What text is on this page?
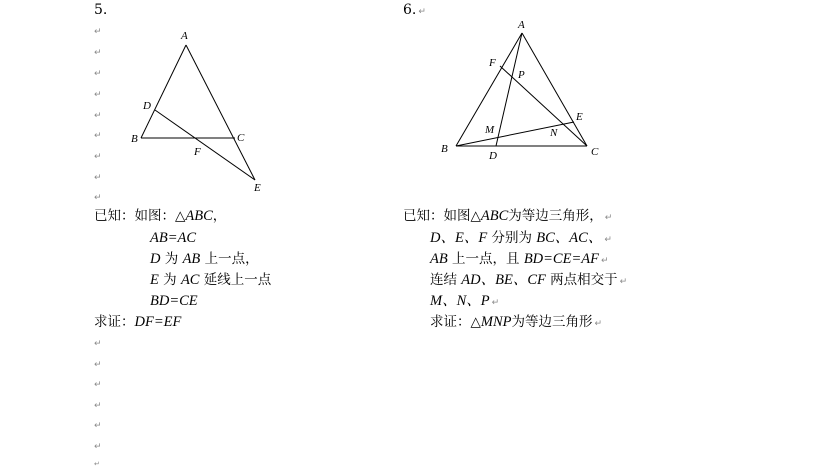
5.
↵
↵
↵
↵
↵
↵
↵
↵
↵
A
D
B	C
F
E
已知：如图：△ABC，
AB=AC
D 为 AB 上一点，
E 为 AC 延线上一点
BD=CE
求证：DF=EF
↵
↵
↵
↵
↵
↵
↵
6. ↵
A
F
P
E
M	N
B
D	C
已知：如图△ABC为等边三角形， ↵
D、E、F 分别为 BC、AC、 ↵
AB 上一点，且 BD=CE=AF ↵
连结 AD、BE、CF 两点相交于 ↵
M、N、P ↵
求证：△MNP为等边三角形 ↵
